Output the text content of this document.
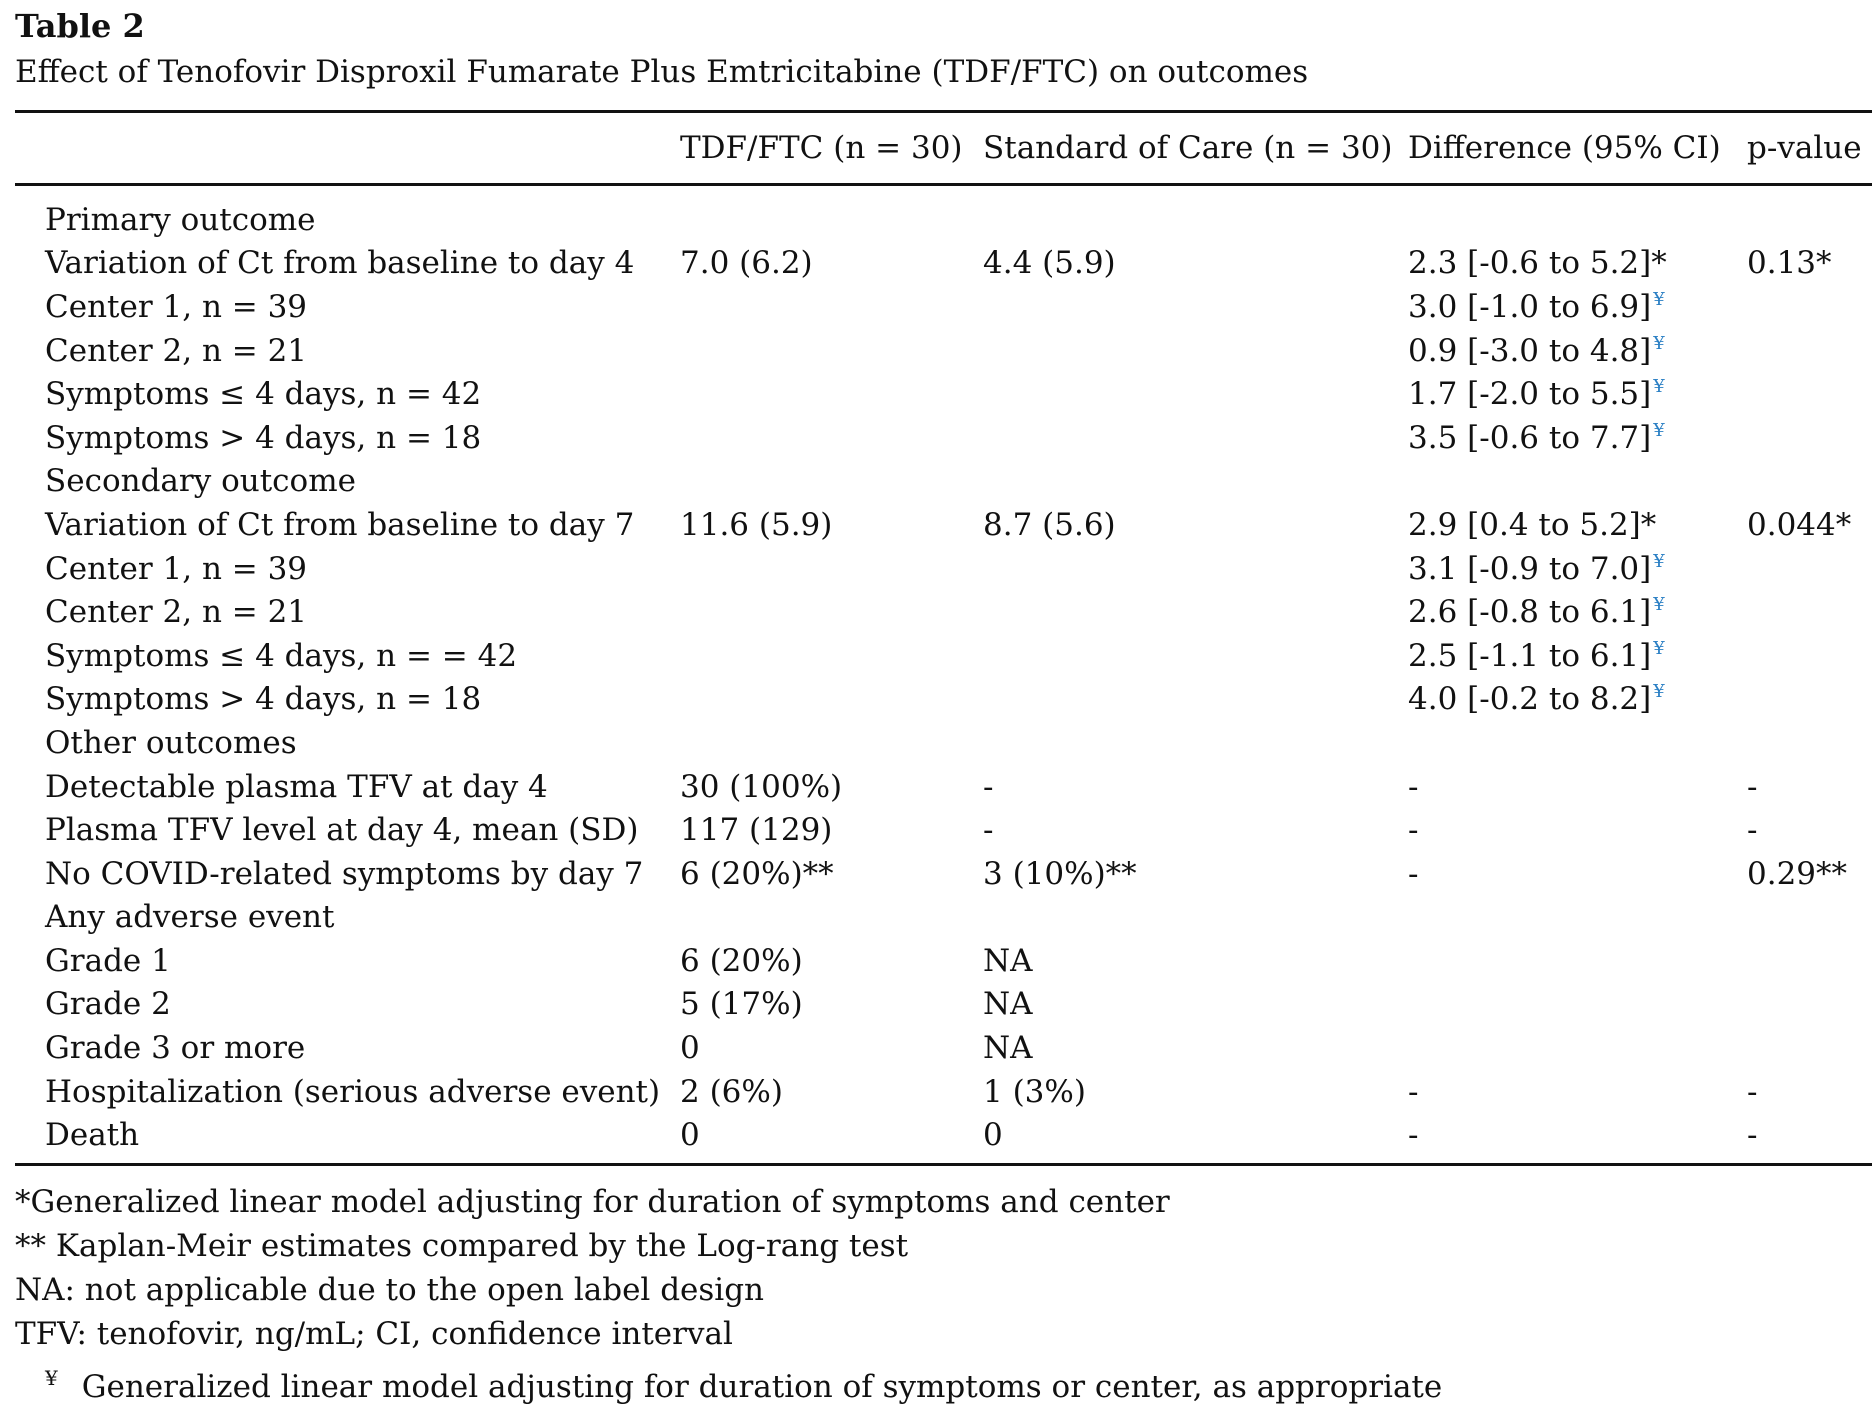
Table 2
Effect of Tenofovir Disproxil Fumarate Plus Emtricitabine (TDF/FTC) on outcomes
	TDF/FTC (n = 30)	Standard of Care (n = 30)	Difference (95% CI)	p-value
Primary outcome				
Variation of Ct from baseline to day 4	7.0 (6.2)	4.4 (5.9)	2.3 [-0.6 to 5.2]*	0.13*
Center 1, n = 39			3.0 [-1.0 to 6.9] ¥	
Center 2, n = 21			0.9 [-3.0 to 4.8] ¥	
Symptoms ≤ 4 days, n = 42			1.7 [-2.0 to 5.5] ¥	
Symptoms > 4 days, n = 18			3.5 [-0.6 to 7.7] ¥	
Secondary outcome				
Variation of Ct from baseline to day 7	11.6 (5.9)	8.7 (5.6)	2.9 [0.4 to 5.2]*	0.044*
Center 1, n = 39			3.1 [-0.9 to 7.0] ¥	
Center 2, n = 21			2.6 [-0.8 to 6.1] ¥	
Symptoms ≤ 4 days, n = = 42			2.5 [-1.1 to 6.1] ¥	
Symptoms > 4 days, n = 18			4.0 [-0.2 to 8.2] ¥	
Other outcomes				
Detectable plasma TFV at day 4	30 (100%)	-	-	-
Plasma TFV level at day 4, mean (SD)	117 (129)	-	-	-
No COVID-related symptoms by day 7	6 (20%)**	3 (10%)**	-	0.29**
Any adverse event				
Grade 1	6 (20%)	NA		
Grade 2	5 (17%)	NA		
Grade 3 or more	0	NA		
Hospitalization (serious adverse event)	2 (6%)	1 (3%)	-	-
Death	0	0	-	-
*Generalized linear model adjusting for duration of symptoms and center
** Kaplan-Meir estimates compared by the Log-rang test
NA: not applicable due to the open label design
TFV: tenofovir, ng/mL; CI, confidence interval
¥ Generalized linear model adjusting for duration of symptoms or center, as appropriate
